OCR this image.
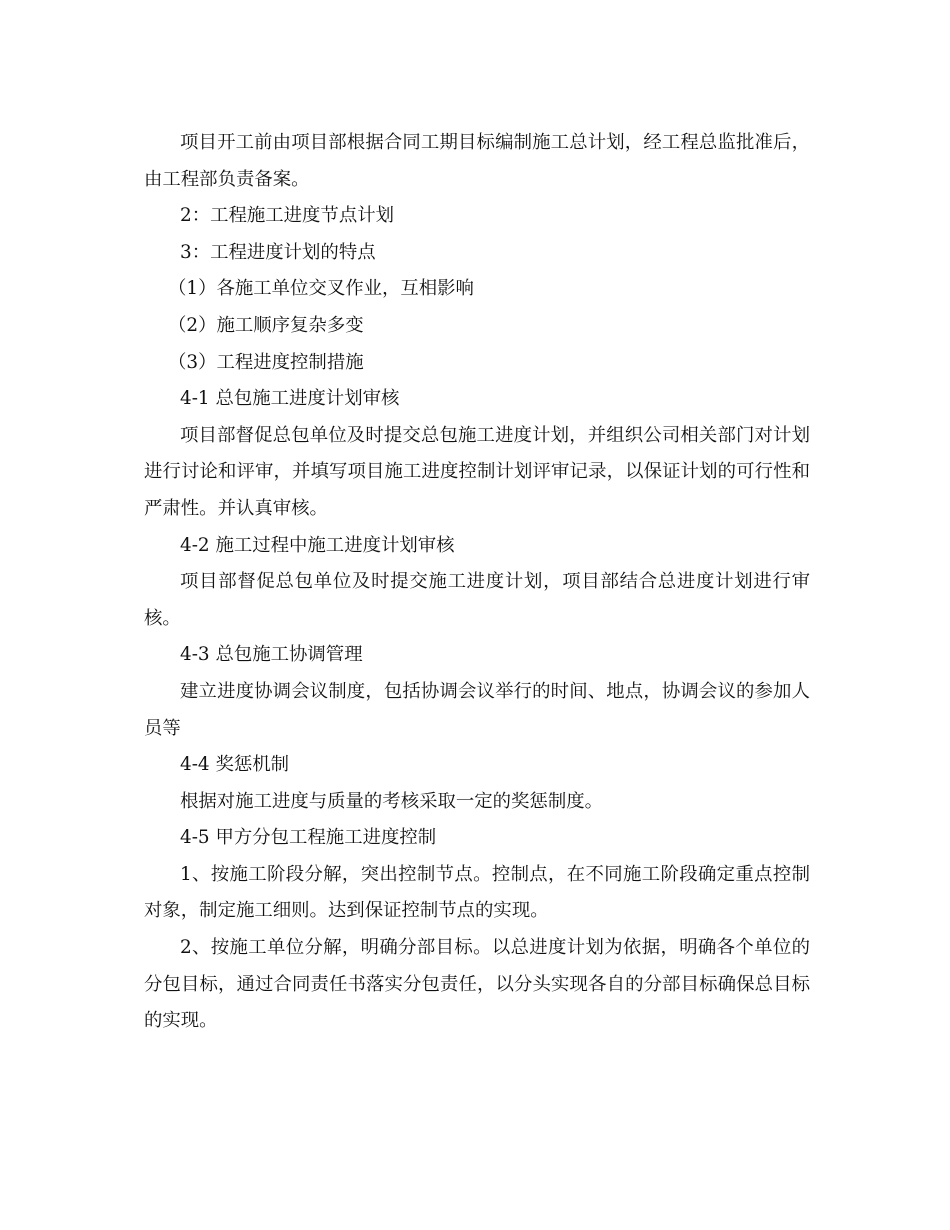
项目开工前由项目部根据合同工期目标编制施工总计划，经工程总监批准后，由工程部负责备案。

2：工程施工进度节点计划

3：工程进度计划的特点

（1）各施工单位交叉作业，互相影响

（2）施工顺序复杂多变

（3）工程进度控制措施

4-1 总包施工进度计划审核

项目部督促总包单位及时提交总包施工进度计划，并组织公司相关部门对计划进行讨论和评审，并填写项目施工进度控制计划评审记录，以保证计划的可行性和严肃性。并认真审核。

4-2 施工过程中施工进度计划审核

项目部督促总包单位及时提交施工进度计划，项目部结合总进度计划进行审核。

4-3 总包施工协调管理

建立进度协调会议制度，包括协调会议举行的时间、地点，协调会议的参加人员等

4-4 奖惩机制

根据对施工进度与质量的考核采取一定的奖惩制度。

4-5 甲方分包工程施工进度控制

1、按施工阶段分解，突出控制节点。控制点，在不同施工阶段确定重点控制对象，制定施工细则。达到保证控制节点的实现。

2、按施工单位分解，明确分部目标。以总进度计划为依据，明确各个单位的分包目标，通过合同责任书落实分包责任，以分头实现各自的分部目标确保总目标的实现。
